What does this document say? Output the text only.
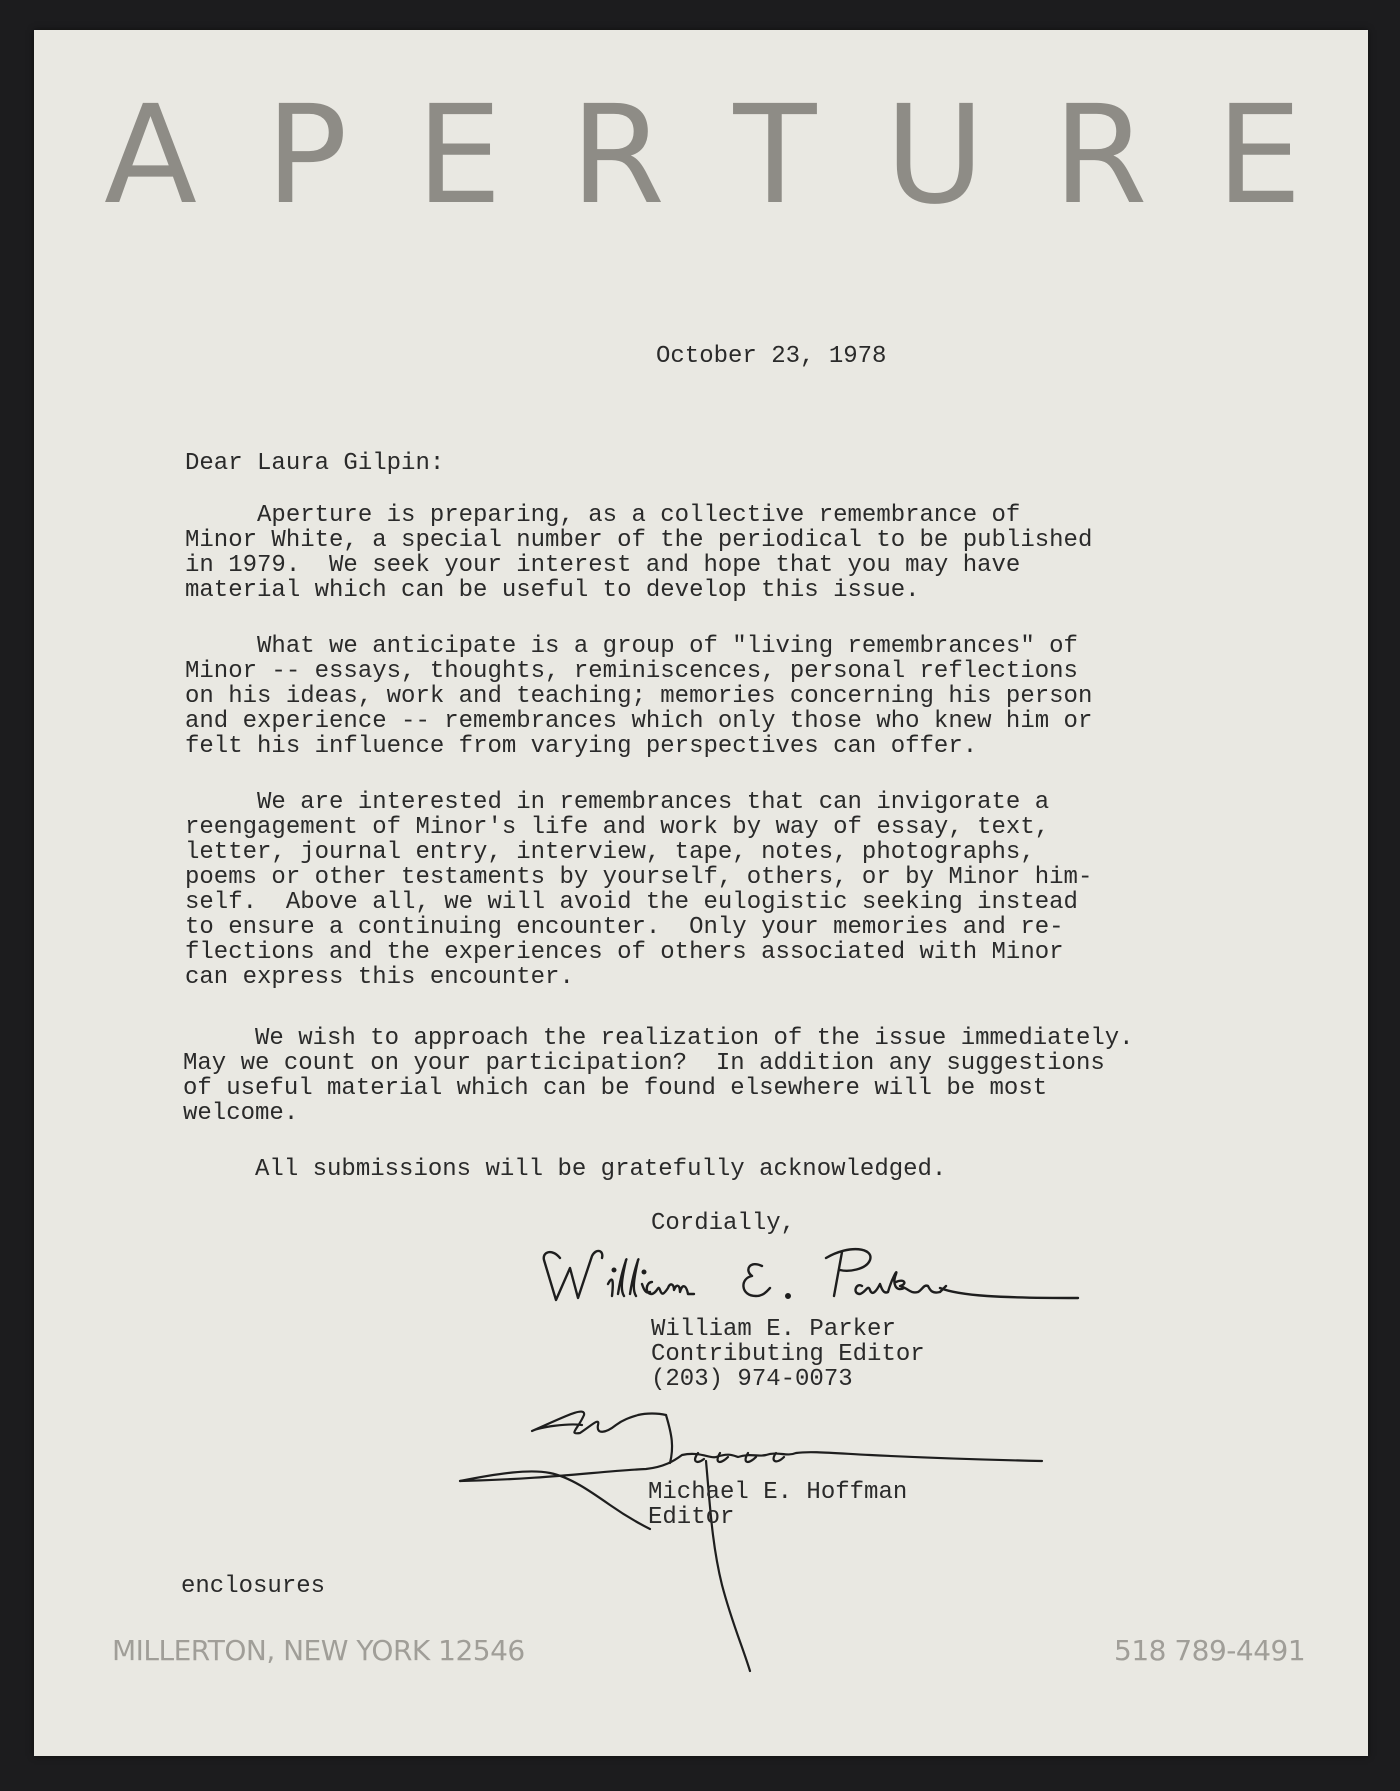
A P E R T U R E

October 23, 1978

Dear Laura Gilpin:

Aperture is preparing, as a collective remembrance of
Minor White, a special number of the periodical to be published
in 1979.  We seek your interest and hope that you may have
material which can be useful to develop this issue.

What we anticipate is a group of "living remembrances" of
Minor -- essays, thoughts, reminiscences, personal reflections
on his ideas, work and teaching; memories concerning his person
and experience -- remembrances which only those who knew him or
felt his influence from varying perspectives can offer.

We are interested in remembrances that can invigorate a
reengagement of Minor's life and work by way of essay, text,
letter, journal entry, interview, tape, notes, photographs,
poems or other testaments by yourself, others, or by Minor him-
self.  Above all, we will avoid the eulogistic seeking instead
to ensure a continuing encounter.  Only your memories and re-
flections and the experiences of others associated with Minor
can express this encounter.

We wish to approach the realization of the issue immediately.
May we count on your participation?  In addition any suggestions
of useful material which can be found elsewhere will be most
welcome.

All submissions will be gratefully acknowledged.

Cordially,

William E. Parker

Contributing Editor

(203) 974-0073

Michael E. Hoffman

Editor

enclosures

MILLERTON, NEW YORK 12546	518 789-4491
